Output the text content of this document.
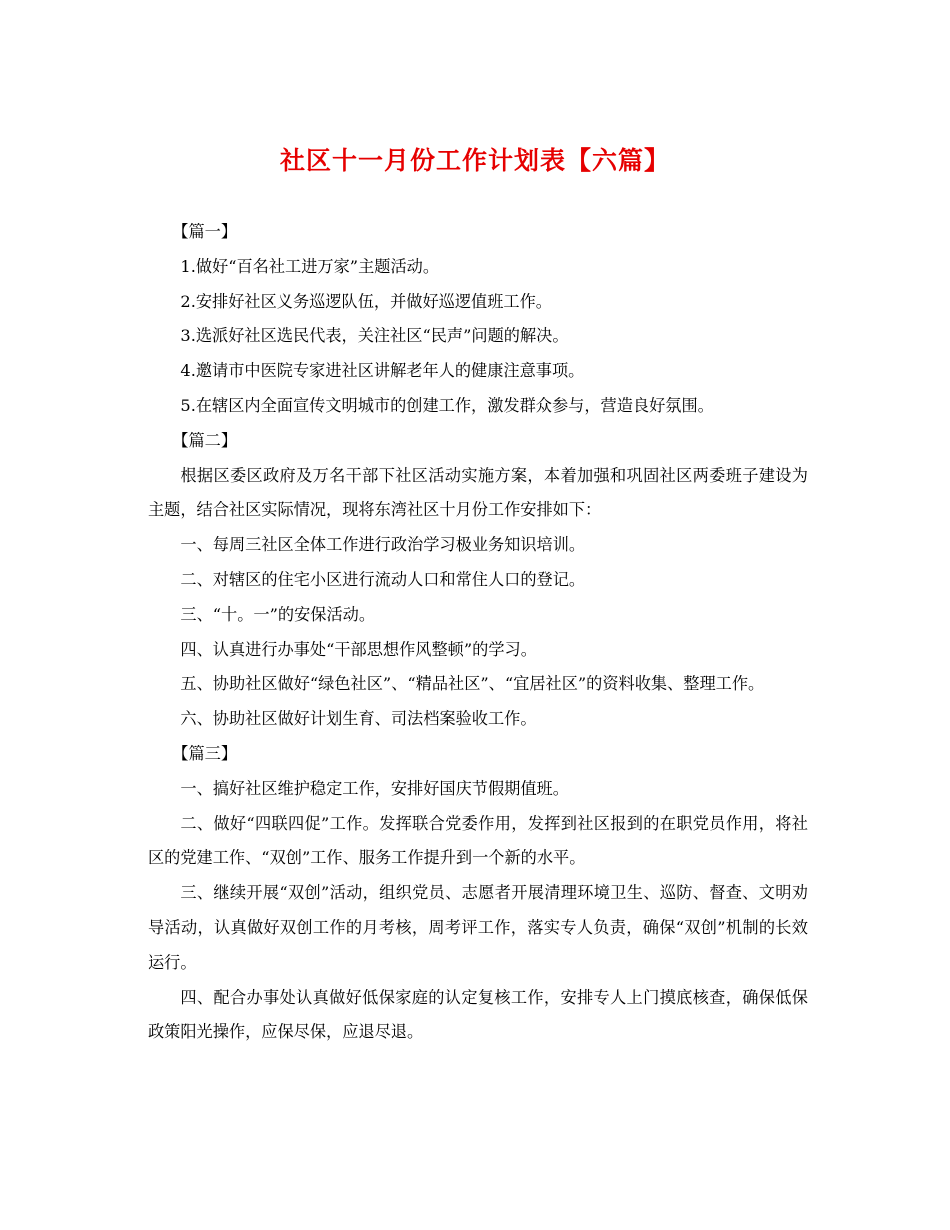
社区十一月份工作计划表【六篇】

【篇一】

1.做好“百名社工进万家”主题活动。

2.安排好社区义务巡逻队伍，并做好巡逻值班工作。

3.选派好社区选民代表，关注社区“民声”问题的解决。

4.邀请市中医院专家进社区讲解老年人的健康注意事项。

5.在辖区内全面宣传文明城市的创建工作，激发群众参与，营造良好氛围。

【篇二】

根据区委区政府及万名干部下社区活动实施方案，本着加强和巩固社区两委班子建设为主题，结合社区实际情况，现将东湾社区十月份工作安排如下：

一、每周三社区全体工作进行政治学习极业务知识培训。

二、对辖区的住宅小区进行流动人口和常住人口的登记。

三、“十。一”的安保活动。

四、认真进行办事处“干部思想作风整顿”的学习。

五、协助社区做好“绿色社区”、“精品社区”、“宜居社区”的资料收集、整理工作。

六、协助社区做好计划生育、司法档案验收工作。

【篇三】

一、搞好社区维护稳定工作，安排好国庆节假期值班。

二、做好“四联四促”工作。发挥联合党委作用，发挥到社区报到的在职党员作用，将社区的党建工作、“双创”工作、服务工作提升到一个新的水平。

三、继续开展“双创”活动，组织党员、志愿者开展清理环境卫生、巡防、督查、文明劝导活动，认真做好双创工作的月考核，周考评工作，落实专人负责，确保“双创”机制的长效运行。

四、配合办事处认真做好低保家庭的认定复核工作，安排专人上门摸底核查，确保低保政策阳光操作，应保尽保，应退尽退。
